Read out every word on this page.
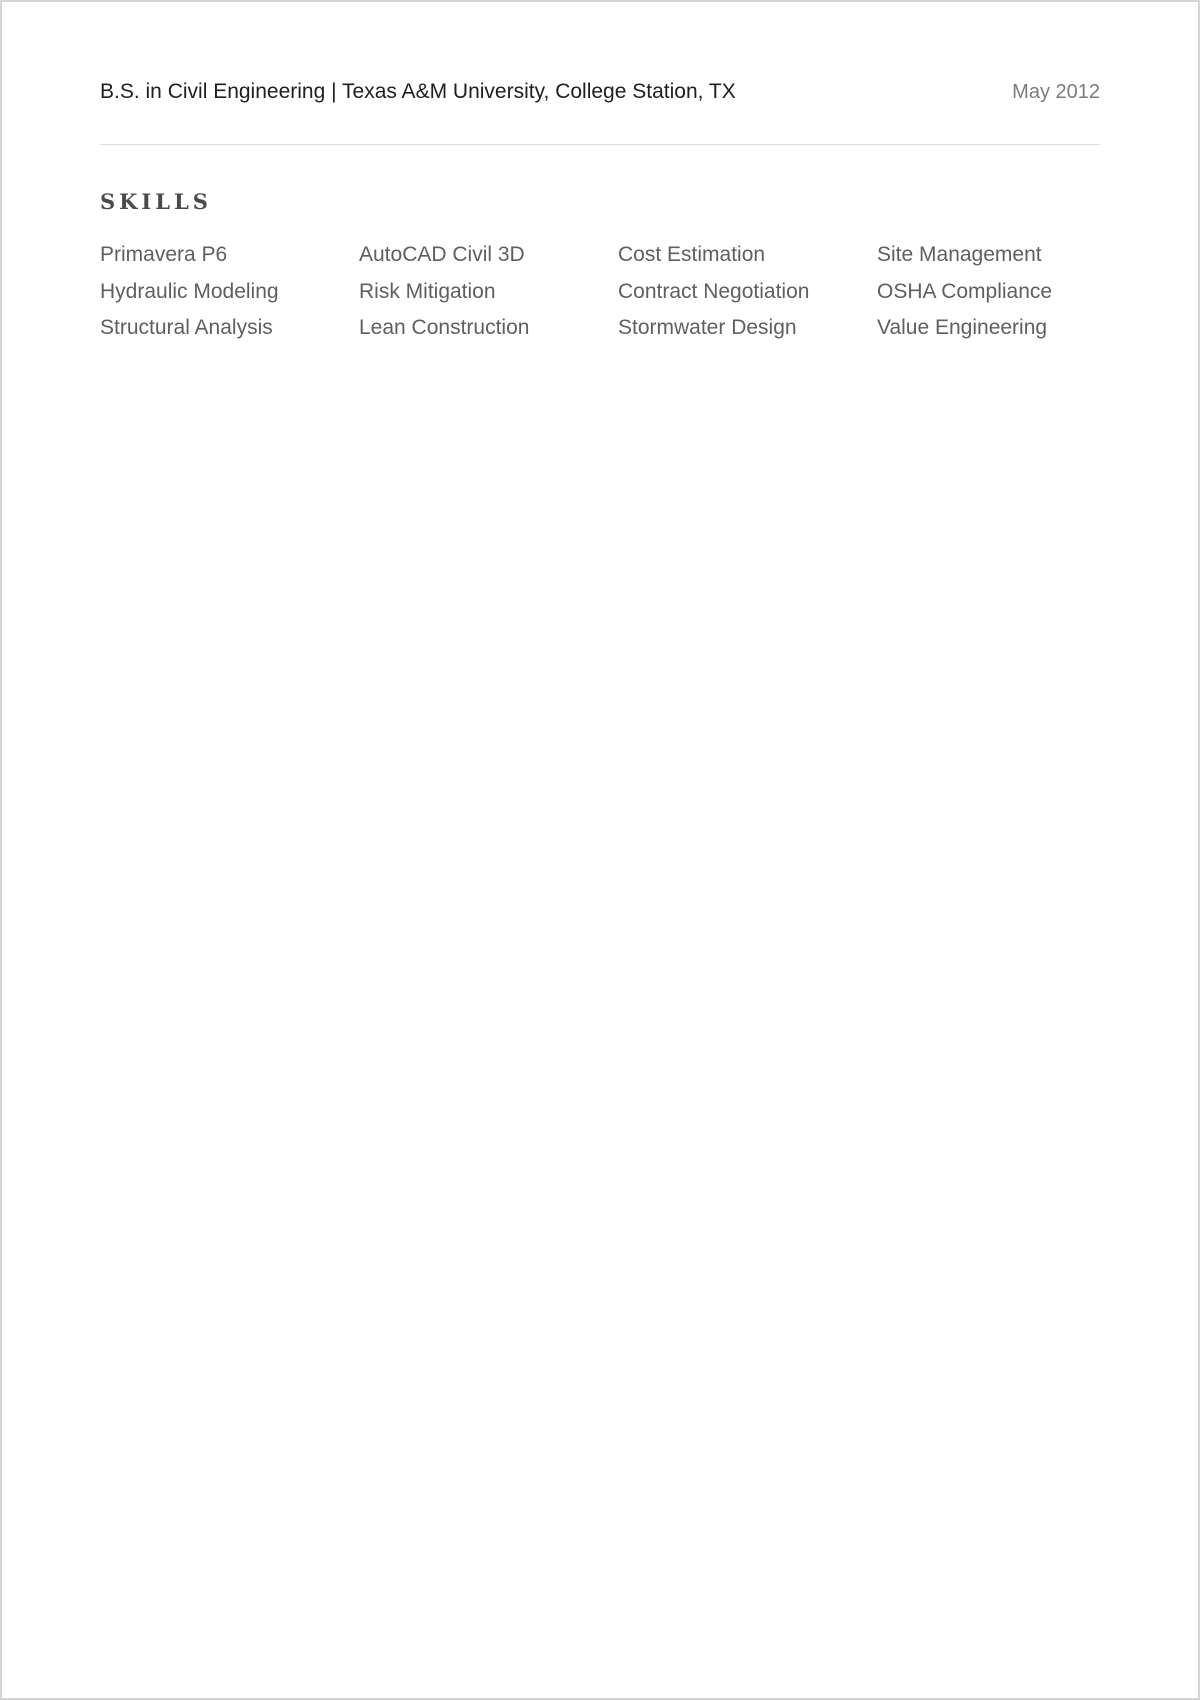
B.S. in Civil Engineering | Texas A&M University, College Station, TX	May 2012
SKILLS
Primavera P6	AutoCAD Civil 3D	Cost Estimation	Site Management
Hydraulic Modeling	Risk Mitigation	Contract Negotiation	OSHA Compliance
Structural Analysis	Lean Construction	Stormwater Design	Value Engineering
